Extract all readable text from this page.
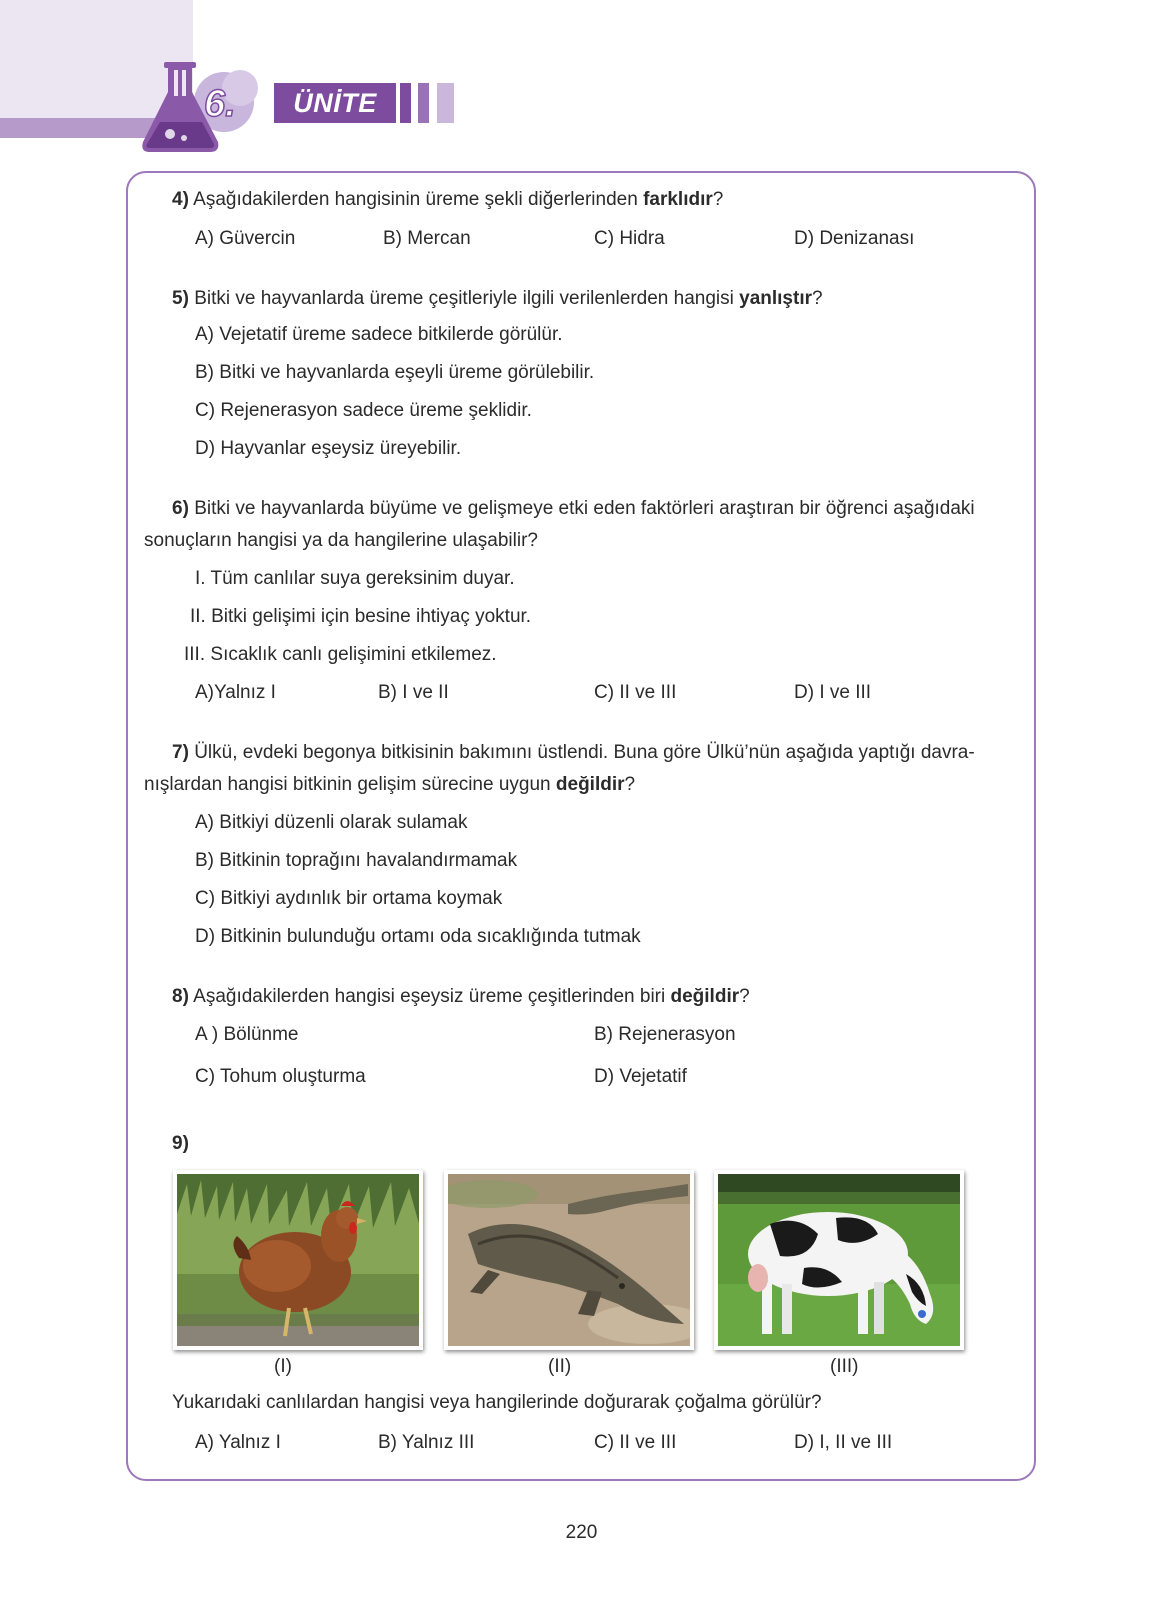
6.	ÜNİTE
4) Aşağıdakilerden hangisinin üreme şekli diğerlerinden farklıdır?
A) Güvercin	B) Mercan	C) Hidra	D) Denizanası
5) Bitki ve hayvanlarda üreme çeşitleriyle ilgili verilenlerden hangisi yanlıştır?
A) Vejetatif üreme sadece bitkilerde görülür.
B) Bitki ve hayvanlarda eşeyli üreme görülebilir.
C) Rejenerasyon sadece üreme şeklidir.
D) Hayvanlar eşeysiz üreyebilir.
6) Bitki ve hayvanlarda büyüme ve gelişmeye etki eden faktörleri araştıran bir öğrenci aşağıdaki
sonuçların hangisi ya da hangilerine ulaşabilir?
I. Tüm canlılar suya gereksinim duyar.
II. Bitki gelişimi için besine ihtiyaç yoktur.
III. Sıcaklık canlı gelişimini etkilemez.
A)Yalnız I	B) I ve II	C) II ve III	D) I ve III
7) Ülkü, evdeki begonya bitkisinin bakımını üstlendi. Buna göre Ülkü’nün aşağıda yaptığı davra-
nışlardan hangisi bitkinin gelişim sürecine uygun değildir?
A) Bitkiyi düzenli olarak sulamak
B) Bitkinin toprağını havalandırmamak
C) Bitkiyi aydınlık bir ortama koymak
D) Bitkinin bulunduğu ortamı oda sıcaklığında tutmak
8) Aşağıdakilerden hangisi eşeysiz üreme çeşitlerinden biri değildir?
A ) Bölünme	B) Rejenerasyon
C) Tohum oluşturma	D) Vejetatif
9)
(I)	(II)	(III)
Yukarıdaki canlılardan hangisi veya hangilerinde doğurarak çoğalma görülür?
A) Yalnız I	B) Yalnız III	C) II ve III	D) I, II ve III
220
